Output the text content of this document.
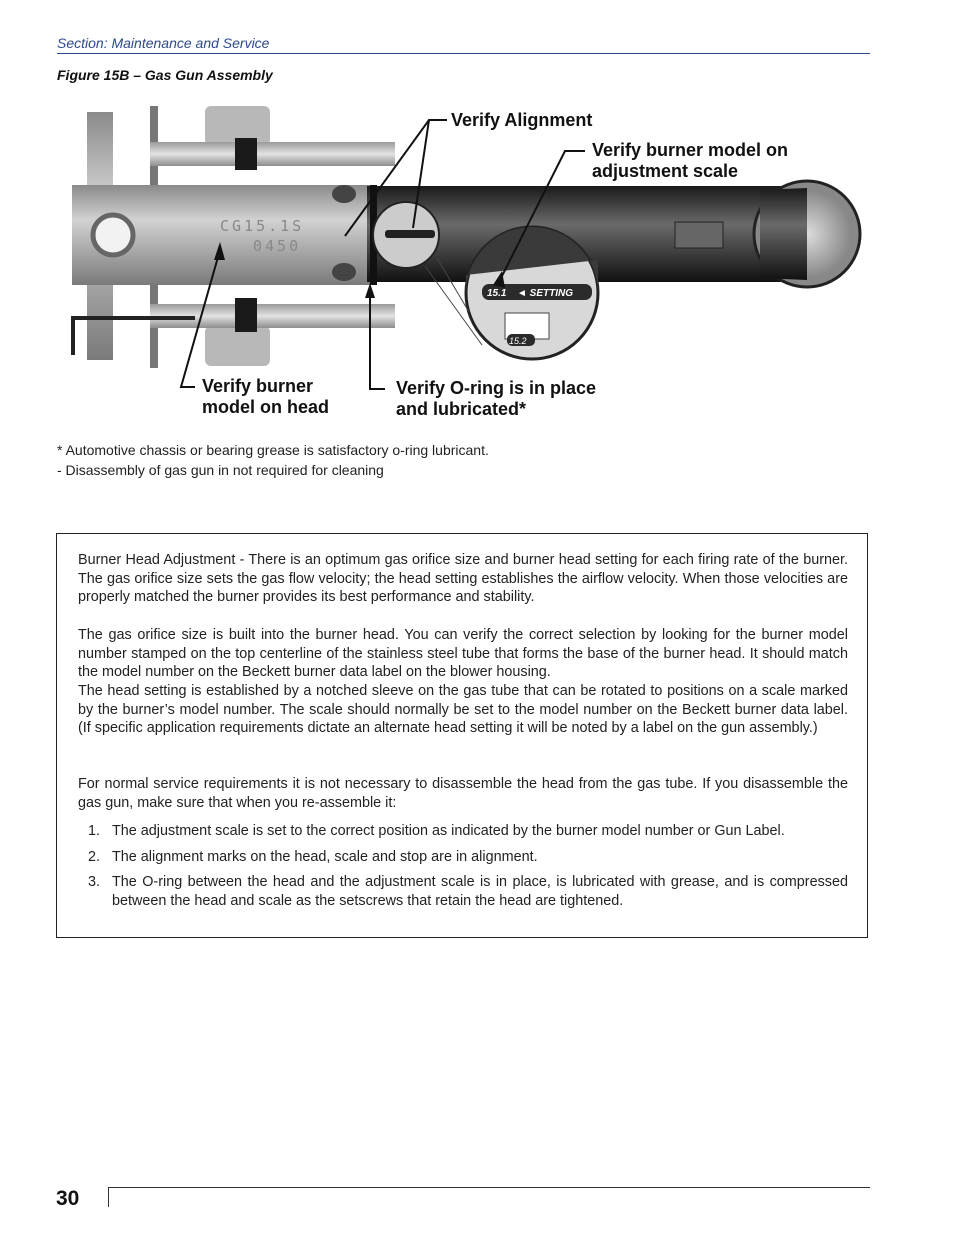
Section: Maintenance and Service
Figure 15B – Gas Gun Assembly
CG15.1S
0450
15.1 ◄ SETTING
15.2
Verify Alignment
Verify burner model on
adjustment scale
Verify burner
model on head
Verify O-ring is in place
and lubricated*
* Automotive chassis or bearing grease is satisfactory o-ring lubricant.
- Disassembly of gas gun in not required for cleaning

Burner Head Adjustment - There is an optimum gas orifice size and burner head setting for each firing rate of the burner. The gas orifice size sets the gas flow velocity; the head setting establishes the airflow velocity. When those velocities are properly matched the burner provides its best performance and stability.

The gas orifice size is built into the burner head. You can verify the correct selection by looking for the burner model number stamped on the top centerline of the stainless steel tube that forms the base of the burner head. It should match the model number on the Beckett burner data label on the blower housing.

The head setting is established by a notched sleeve on the gas tube that can be rotated to positions on a scale marked by the burner’s model number. The scale should normally be set to the model number on the Beckett burner data label. (If specific application requirements dictate an alternate head setting it will be noted by a label on the gun assembly.)

For normal service requirements it is not necessary to disassemble the head from the gas tube. If you disassemble the gas gun, make sure that when you re-assemble it:

1. The adjustment scale is set to the correct position as indicated by the burner model number or Gun Label.
2. The alignment marks on the head, scale and stop are in alignment.
3. The O-ring between the head and the adjustment scale is in place, is lubricated with grease, and is compressed between the head and scale as the setscrews that retain the head are tightened.
30
